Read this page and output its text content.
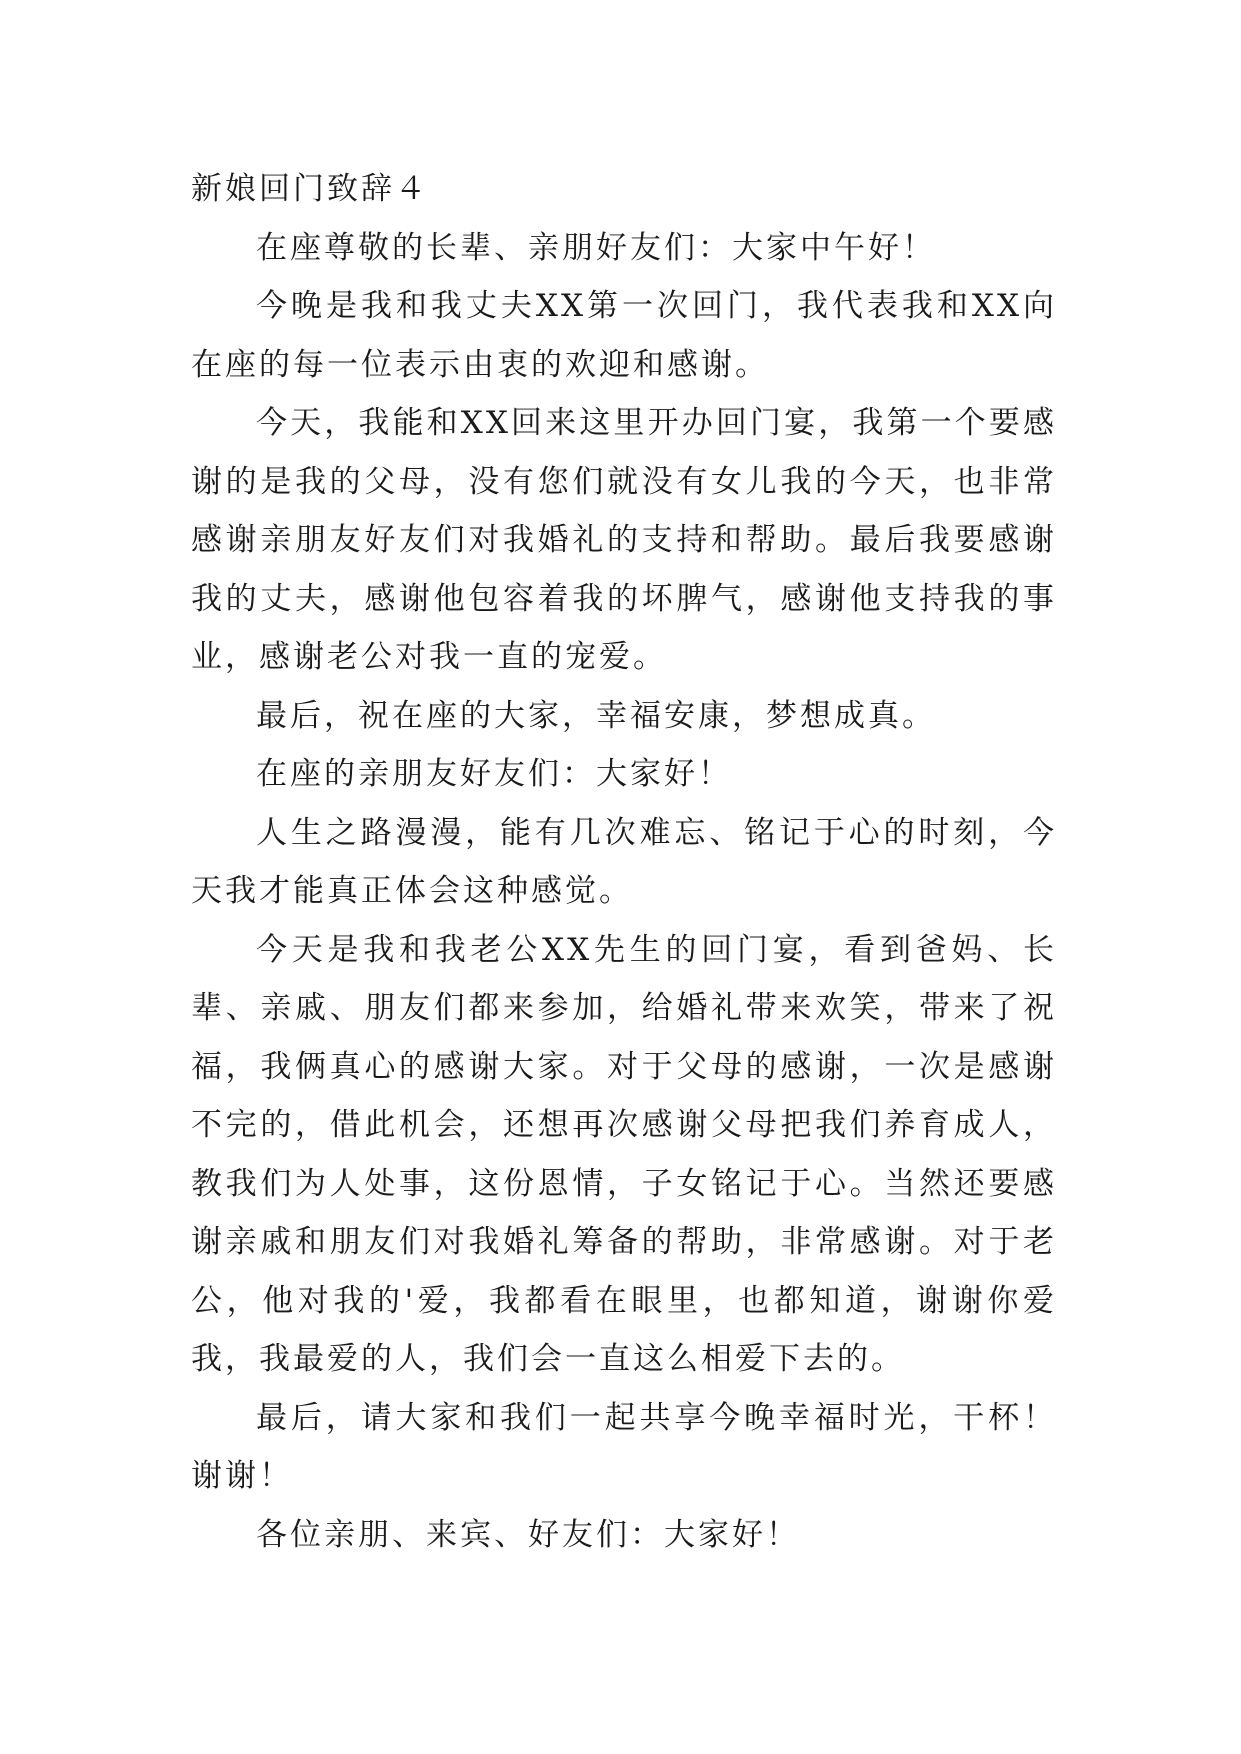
新娘回门致辞４

在座尊敬的长辈、亲朋好友们：大家中午好！

今晚是我和我丈夫XX第一次回门，我代表我和XX向在座的每一位表示由衷的欢迎和感谢。

今天，我能和XX回来这里开办回门宴，我第一个要感谢的是我的父母，没有您们就没有女儿我的今天，也非常感谢亲朋友好友们对我婚礼的支持和帮助。最后我要感谢我的丈夫，感谢他包容着我的坏脾气，感谢他支持我的事业，感谢老公对我一直的宠爱。

最后，祝在座的大家，幸福安康，梦想成真。

在座的亲朋友好友们：大家好！

人生之路漫漫，能有几次难忘、铭记于心的时刻，今天我才能真正体会这种感觉。

今天是我和我老公XX先生的回门宴，看到爸妈、长辈、亲戚、朋友们都来参加，给婚礼带来欢笑，带来了祝福，我俩真心的感谢大家。对于父母的感谢，一次是感谢不完的，借此机会，还想再次感谢父母把我们养育成人，教我们为人处事，这份恩情，子女铭记于心。当然还要感谢亲戚和朋友们对我婚礼筹备的帮助，非常感谢。对于老公，他对我的'爱，我都看在眼里，也都知道，谢谢你爱我，我最爱的人，我们会一直这么相爱下去的。

最后，请大家和我们一起共享今晚幸福时光，干杯！谢谢！

各位亲朋、来宾、好友们：大家好！
